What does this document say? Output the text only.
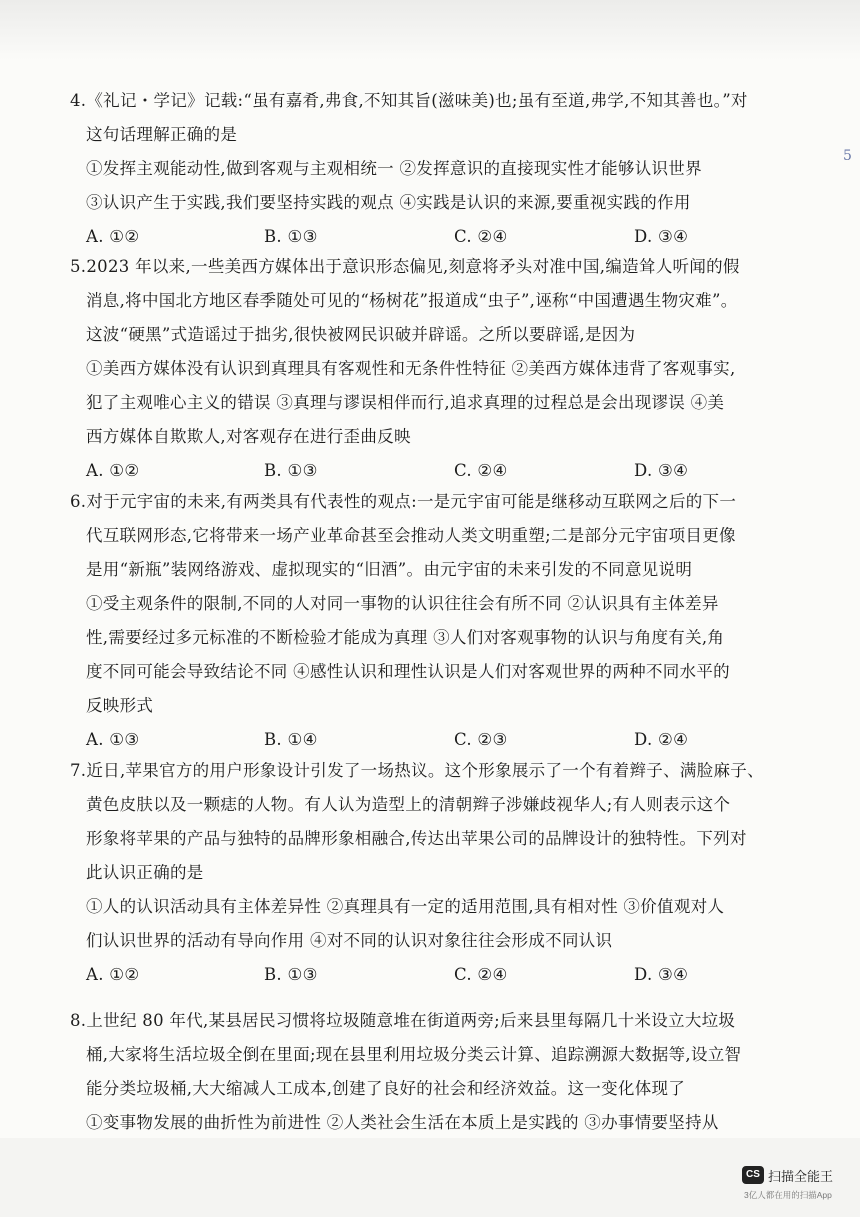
4.《礼记・学记》记载:“虽有嘉肴,弗食,不知其旨(滋味美)也;虽有至道,弗学,不知其善也。”对

这句话理解正确的是

①发挥主观能动性,做到客观与主观相统一 ②发挥意识的直接现实性才能够认识世界

③认识产生于实践,我们要坚持实践的观点 ④实践是认识的来源,要重视实践的作用

A. ①②	B. ①③	C. ②④	D. ③④

5.2023 年以来,一些美西方媒体出于意识形态偏见,刻意将矛头对准中国,编造耸人听闻的假

消息,将中国北方地区春季随处可见的“杨树花”报道成“虫子”,诬称“中国遭遇生物灾难”。

这波“硬黑”式造谣过于拙劣,很快被网民识破并辟谣。之所以要辟谣,是因为

①美西方媒体没有认识到真理具有客观性和无条件性特征 ②美西方媒体违背了客观事实,

犯了主观唯心主义的错误 ③真理与谬误相伴而行,追求真理的过程总是会出现谬误 ④美

西方媒体自欺欺人,对客观存在进行歪曲反映

A. ①②	B. ①③	C. ②④	D. ③④

6.对于元宇宙的未来,有两类具有代表性的观点:一是元宇宙可能是继移动互联网之后的下一

代互联网形态,它将带来一场产业革命甚至会推动人类文明重塑;二是部分元宇宙项目更像

是用“新瓶”装网络游戏、虚拟现实的“旧酒”。由元宇宙的未来引发的不同意见说明

①受主观条件的限制,不同的人对同一事物的认识往往会有所不同 ②认识具有主体差异

性,需要经过多元标准的不断检验才能成为真理 ③人们对客观事物的认识与角度有关,角

度不同可能会导致结论不同 ④感性认识和理性认识是人们对客观世界的两种不同水平的

反映形式

A. ①③	B. ①④	C. ②③	D. ②④

7.近日,苹果官方的用户形象设计引发了一场热议。这个形象展示了一个有着辫子、满脸麻子、

黄色皮肤以及一颗痣的人物。有人认为造型上的清朝辫子涉嫌歧视华人;有人则表示这个

形象将苹果的产品与独特的品牌形象相融合,传达出苹果公司的品牌设计的独特性。下列对

此认识正确的是

①人的认识活动具有主体差异性 ②真理具有一定的适用范围,具有相对性 ③价值观对人

们认识世界的活动有导向作用 ④对不同的认识对象往往会形成不同认识

A. ①②	B. ①③	C. ②④	D. ③④

8.上世纪 80 年代,某县居民习惯将垃圾随意堆在街道两旁;后来县里每隔几十米设立大垃圾

桶,大家将生活垃圾全倒在里面;现在县里利用垃圾分类云计算、追踪溯源大数据等,设立智

能分类垃圾桶,大大缩减人工成本,创建了良好的社会和经济效益。这一变化体现了

①变事物发展的曲折性为前进性 ②人类社会生活在本质上是实践的 ③办事情要坚持从

5
CS 扫描全能王
3亿人都在用的扫描App
